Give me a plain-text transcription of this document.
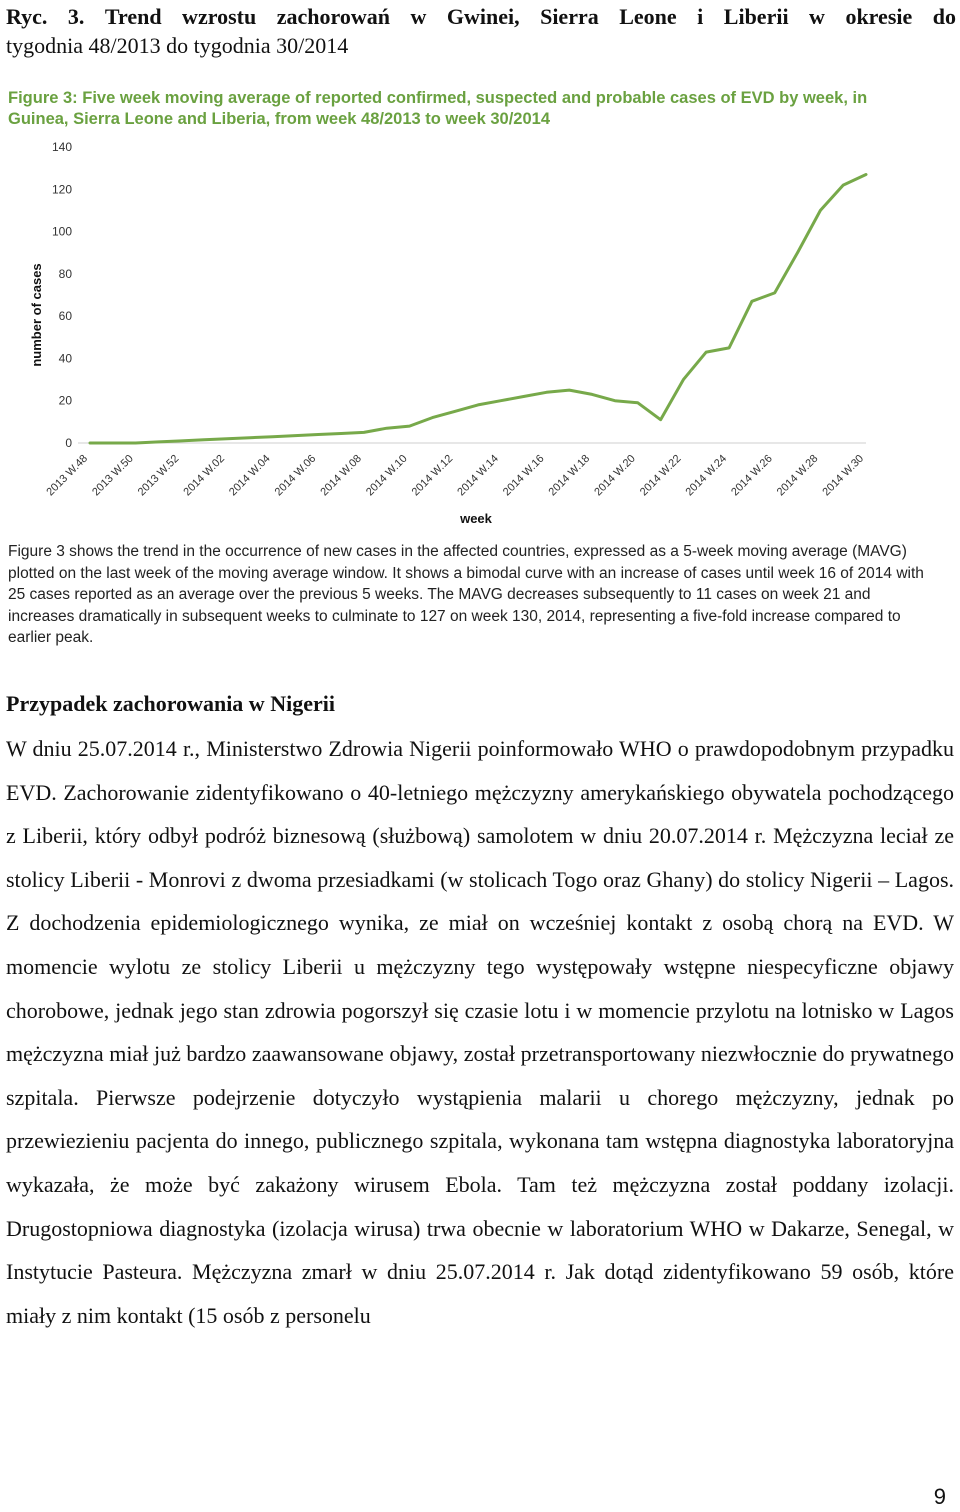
Ryc. 3. Trend wzrostu zachorowań w Gwinei, Sierra Leone i Liberii w okresie do
tygodnia 48/2013 do tygodnia 30/2014
Figure 3: Five week moving average of reported confirmed, suspected and probable cases of EVD by week, in Guinea, Sierra Leone and Liberia, from week 48/2013 to week 30/2014
0
20
40
60
80
100
120
140
2013 W.48 2013 W.50 2013 W.52 2014 W.02 2014 W.04 2014 W.06 2014 W.08 2014 W.10 2014 W.12 2014 W.14 2014 W.16 2014 W.18 2014 W.20 2014 W.22 2014 W.24 2014 W.26 2014 W.28 2014 W.30
number of cases
week
Figure 3 shows the trend in the occurrence of new cases in the affected countries, expressed as a 5-week moving average (MAVG) plotted on the last week of the moving average window. It shows a bimodal curve with an increase of cases until week 16 of 2014 with 25 cases reported as an average over the previous 5 weeks. The MAVG decreases subsequently to 11 cases on week 21 and increases dramatically in subsequent weeks to culminate to 127 on week 130, 2014, representing a five-fold increase compared to earlier peak.
Przypadek zachorowania w Nigerii
W dniu 25.07.2014 r., Ministerstwo Zdrowia Nigerii poinformowało WHO o prawdopodobnym przypadku EVD. Zachorowanie zidentyfikowano o 40-letniego mężczyzny amerykańskiego obywatela pochodzącego z Liberii, który odbył podróż biznesową (służbową) samolotem w dniu 20.07.2014 r. Mężczyzna leciał ze stolicy Liberii - Monrovi z dwoma przesiadkami (w stolicach Togo oraz Ghany) do stolicy Nigerii – Lagos. Z dochodzenia epidemiologicznego wynika, ze miał on wcześniej kontakt z osobą chorą na EVD. W momencie wylotu ze stolicy Liberii u mężczyzny tego występowały wstępne niespecyficzne objawy chorobowe, jednak jego stan zdrowia pogorszył się czasie lotu i w momencie przylotu na lotnisko w Lagos mężczyzna miał już bardzo zaawansowane objawy, został przetransportowany niezwłocznie do prywatnego szpitala. Pierwsze podejrzenie dotyczyło wystąpienia malarii u chorego mężczyzny, jednak po przewiezieniu pacjenta do innego, publicznego szpitala, wykonana tam wstępna diagnostyka laboratoryjna wykazała, że może być zakażony wirusem Ebola. Tam też mężczyzna został poddany izolacji. Drugostopniowa diagnostyka (izolacja wirusa) trwa obecnie w laboratorium WHO w Dakarze, Senegal, w Instytucie Pasteura. Mężczyzna zmarł w dniu 25.07.2014 r. Jak dotąd zidentyfikowano 59 osób, które miały z nim kontakt (15 osób z personelu
9
